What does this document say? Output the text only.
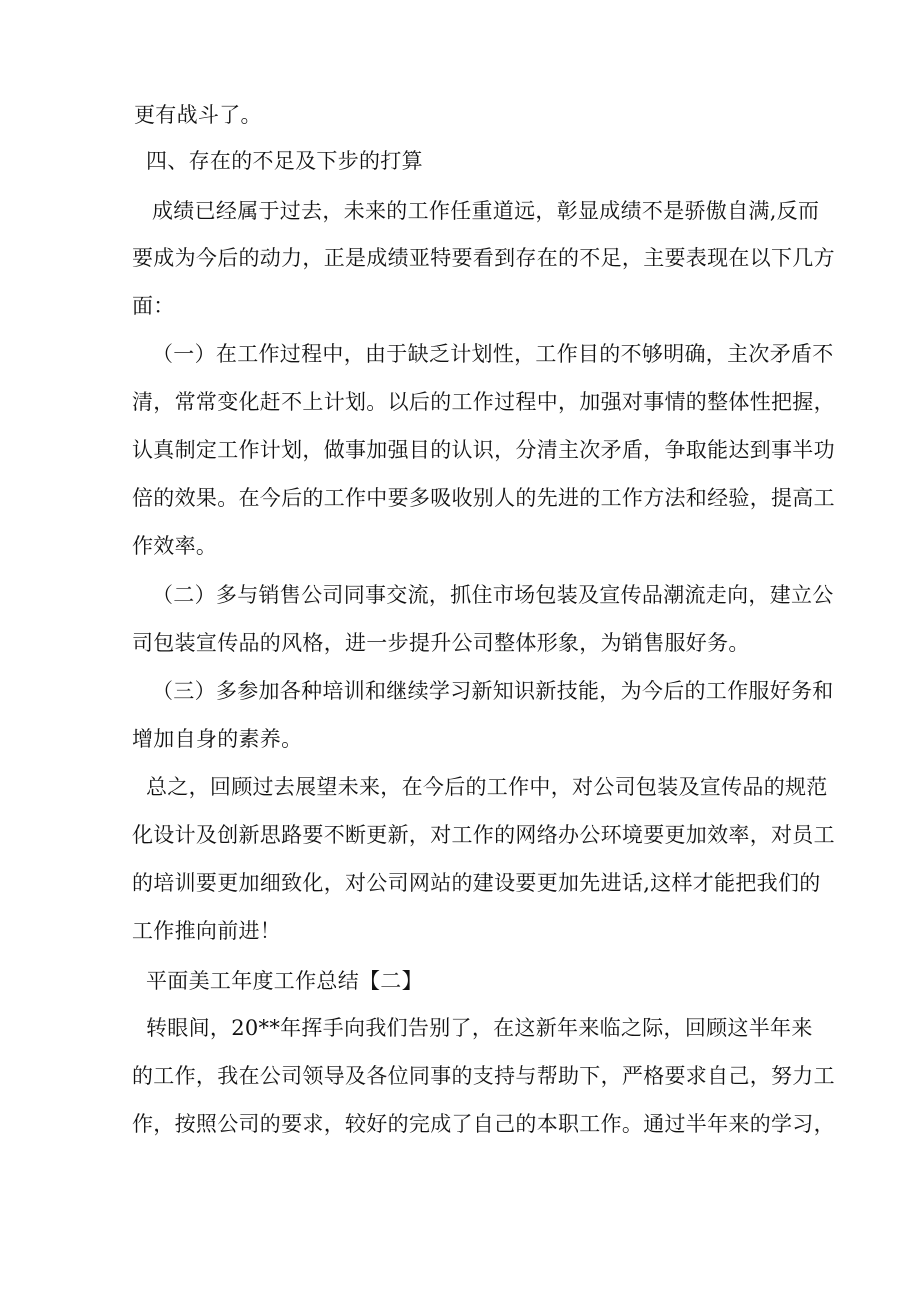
更有战斗了。
四、存在的不足及下步的打算
成绩已经属于过去，未来的工作任重道远，彰显成绩不是骄傲自满,反而
要成为今后的动力，正是成绩亚特要看到存在的不足，主要表现在以下几方
面：
（一）在工作过程中，由于缺乏计划性，工作目的不够明确，主次矛盾不
清，常常变化赶不上计划。以后的工作过程中，加强对事情的整体性把握，
认真制定工作计划，做事加强目的认识，分清主次矛盾，争取能达到事半功
倍的效果。在今后的工作中要多吸收别人的先进的工作方法和经验，提高工
作效率。
（二）多与销售公司同事交流，抓住市场包装及宣传品潮流走向，建立公
司包装宣传品的风格，进一步提升公司整体形象，为销售服好务。
（三）多参加各种培训和继续学习新知识新技能，为今后的工作服好务和
增加自身的素养。
总之，回顾过去展望未来，在今后的工作中，对公司包装及宣传品的规范
化设计及创新思路要不断更新，对工作的网络办公环境要更加效率，对员工
的培训要更加细致化，对公司网站的建设要更加先进话,这样才能把我们的
工作推向前进！
平面美工年度工作总结【二】
转眼间，20**年挥手向我们告别了，在这新年来临之际，回顾这半年来
的工作，我在公司领导及各位同事的支持与帮助下，严格要求自己，努力工
作，按照公司的要求，较好的完成了自己的本职工作。通过半年来的学习，
